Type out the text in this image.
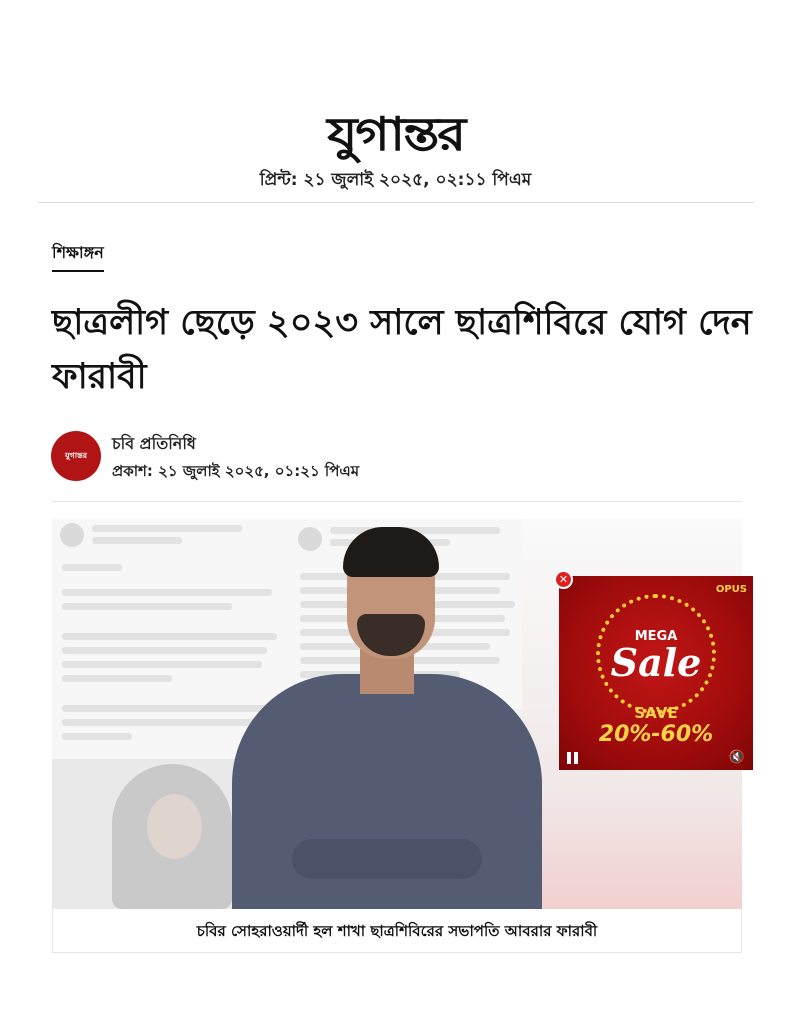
যুগান্তর
প্রিন্ট: ২১ জুলাই ২০২৫, ০২:১১ পিএম
শিক্ষাঙ্গন
ছাত্রলীগ ছেড়ে ২০২৩ সালে ছাত্রশিবিরে যোগ দেন ফারাবী
যুগান্তর
চবি প্রতিনিধি
প্রকাশ: ২১ জুলাই ২০২৫, ০১:২১ পিএম
OPUS
MEGA
Sale
SAVE
20%-60%
🔇
✕
চবির সোহরাওয়ার্দী হল শাখা ছাত্রশিবিরের সভাপতি আবরার ফারাবী
